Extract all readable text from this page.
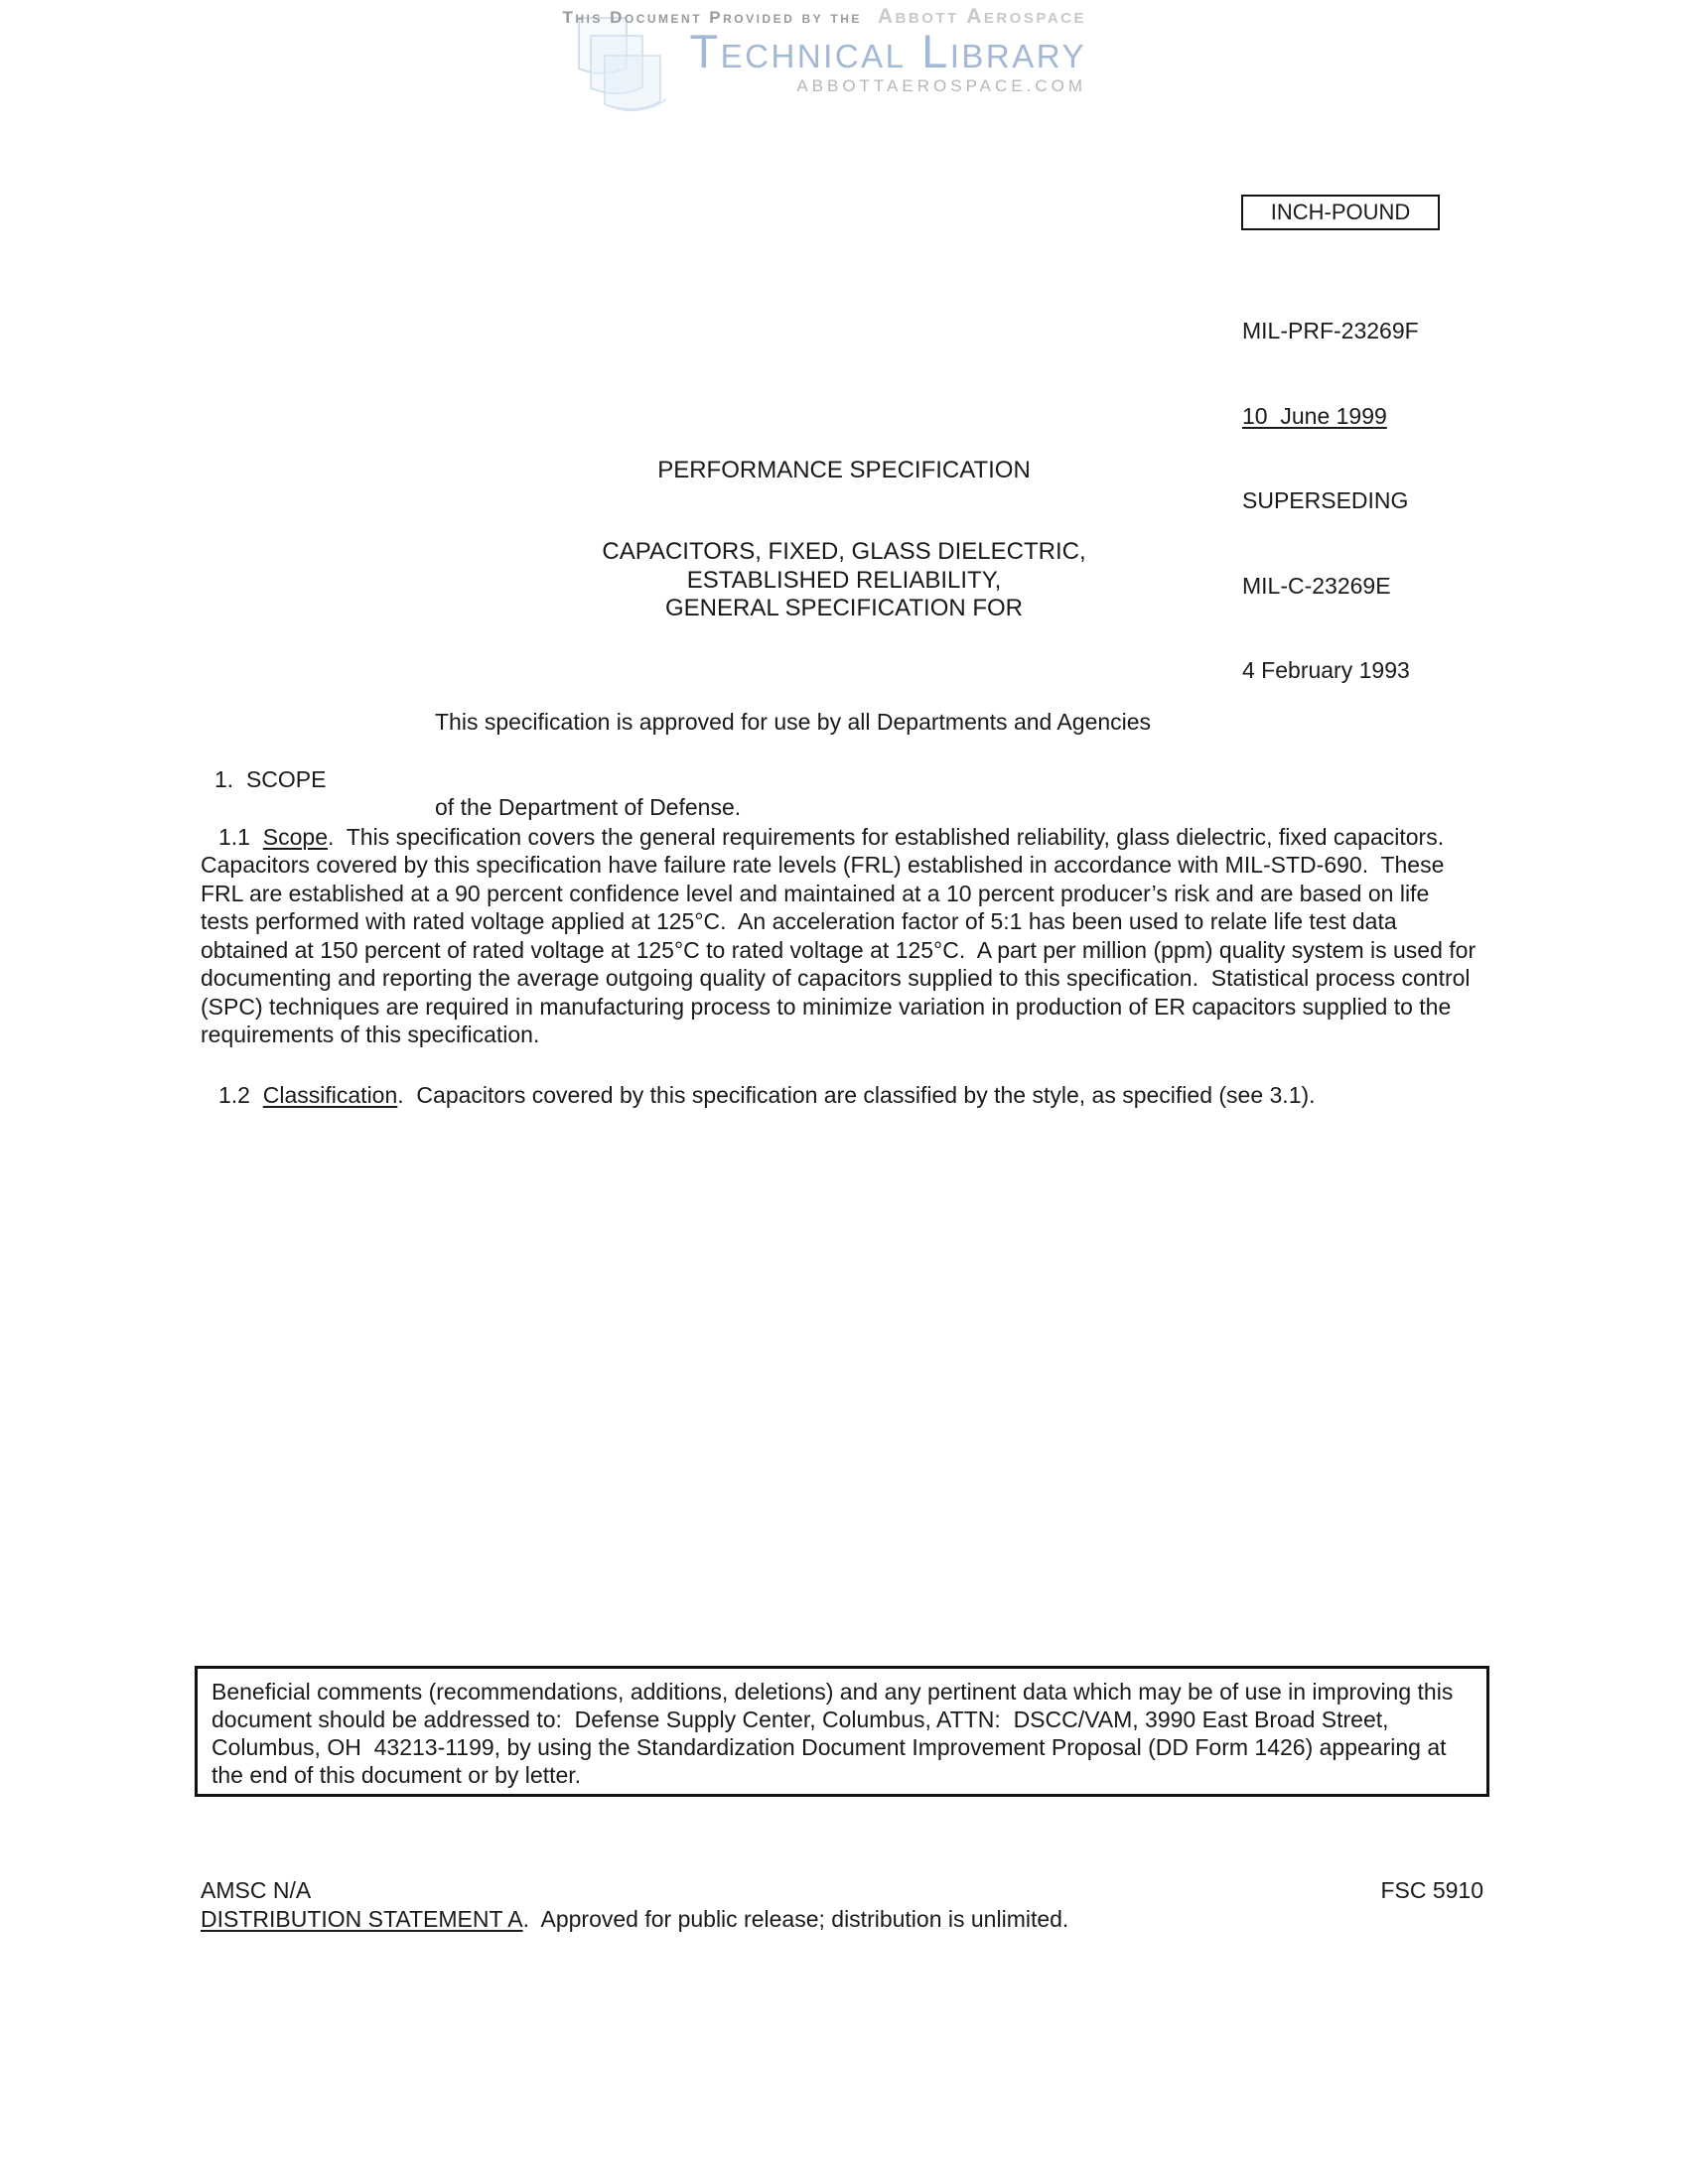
This Document Provided by the Abbott Aerospace
Technical Library
ABBOTTAEROSPACE.COM
INCH-POUND

MIL-PRF-23269F

10  June 1999

SUPERSEDING

MIL-C-23269E

4 February 1993

PERFORMANCE SPECIFICATION
CAPACITORS, FIXED, GLASS DIELECTRIC,
ESTABLISHED RELIABILITY,
GENERAL SPECIFICATION FOR

This specification is approved for use by all Departments and Agencies

of the Department of Defense.

1.  SCOPE

1.1  Scope.  This specification covers the general requirements for established reliability, glass dielectric, fixed capacitors.  Capacitors covered by this specification have failure rate levels (FRL) established in accordance with MIL-STD-690.  These FRL are established at a 90 percent confidence level and maintained at a 10 percent producer’s risk and are based on life tests performed with rated voltage applied at 125°C.  An acceleration factor of 5:1 has been used to relate life test data obtained at 150 percent of rated voltage at 125°C to rated voltage at 125°C.  A part per million (ppm) quality system is used for documenting and reporting the average outgoing quality of capacitors supplied to this specification.  Statistical process control (SPC) techniques are required in manufacturing process to minimize variation in production of ER capacitors supplied to the requirements of this specification.

1.2  Classification.  Capacitors covered by this specification are classified by the style, as specified (see 3.1).

Beneficial comments (recommendations, additions, deletions) and any pertinent data which may be of use in improving this document should be addressed to:  Defense Supply Center, Columbus, ATTN:  DSCC/VAM, 3990 East Broad Street, Columbus, OH  43213-1199, by using the Standardization Document Improvement Proposal (DD Form 1426) appearing at the end of this document or by letter.

AMSC N/A	FSC 5910
DISTRIBUTION STATEMENT A.  Approved for public release; distribution is unlimited.
